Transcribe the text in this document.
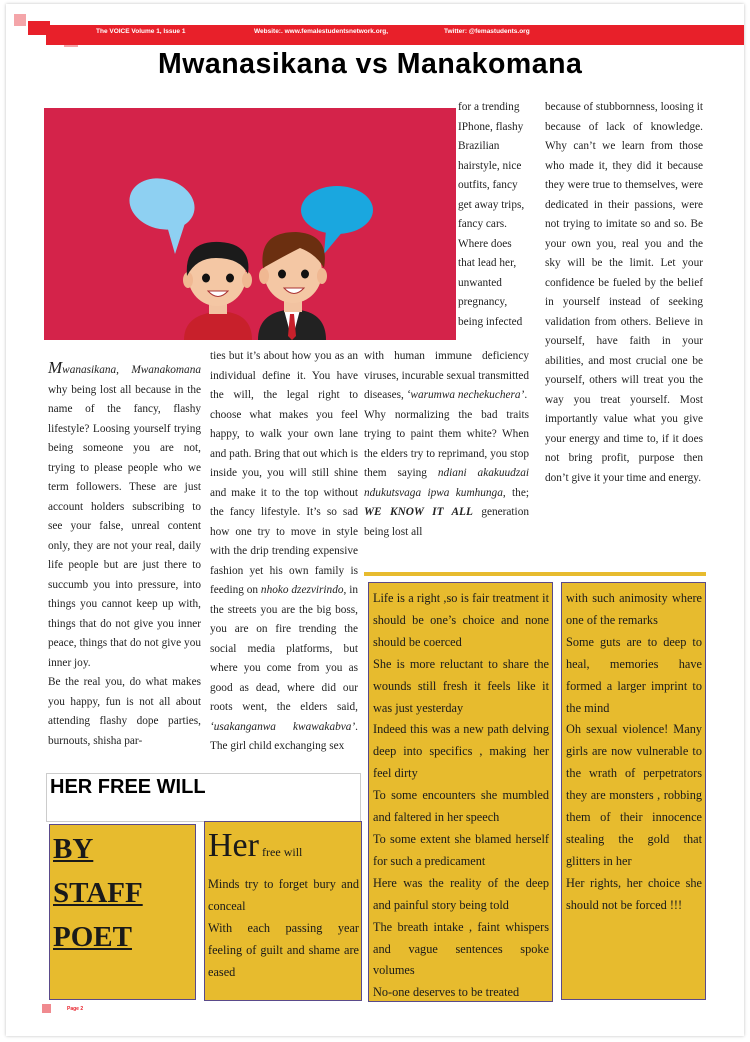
The VOICE Volume 1, Issue 1	Website:. www.femalestudentsnetwork.org,	Twitter: @femastudents.org
Mwanasikana vs Manakomana

for a trending IPhone, flashy Brazilian hairstyle, nice outfits, fancy get away trips, fancy cars. Where does that lead her, unwanted pregnancy, being infected

because of stubbornness, loosing it because of lack of knowledge. Why can’t we learn from those who made it, they did it because they were true to themselves, were dedicated in their passions, were not trying to imitate so and so. Be your own you, real you and the sky will be the limit. Let your confidence be fueled by the belief in yourself instead of seeking validation from others. Believe in yourself, have faith in your abilities, and most crucial one be yourself, others will treat you the way you treat yourself. Most importantly value what you give your energy and time to, if it does not bring profit, purpose then don’t give it your time and energy.

Mwanasikana, Mwanakomana why being lost all because in the name of the fancy, flashy lifestyle? Loosing yourself trying being someone you are not, trying to please people who we term followers. These are just account holders subscribing to see your false, unreal content only, they are not your real, daily life people but are just there to succumb you into pressure, into things you cannot keep up with, things that do not give you inner peace, things that do not give you inner joy.

Be the real you, do what makes you happy, fun is not all about attending flashy dope parties, burnouts, shisha par-

ties but it’s about how you as an individual define it. You have the will, the legal right to choose what makes you feel happy, to walk your own lane and path. Bring that out which is inside you, you will still shine and make it to the top without the fancy lifestyle. It’s so sad how one try to move in style with the drip trending expensive fashion yet his own family is feeding on nhoko dzezvirindo, in the streets you are the big boss, you are on fire trending the social media platforms, but where you come from you as good as dead, where did our roots went, the elders said, ‘usakanganwa kwawakabva’. The girl child exchanging sex

with human immune deficiency viruses, incurable sexual transmitted diseases, ‘warumwa nechekuchera’.

Why normalizing the bad traits trying to paint them white? When the elders try to reprimand, you stop them saying ndiani akakuudzai ndukutsvaga ipwa kumhunga, the; WE KNOW IT ALL generation being lost all

HER FREE WILL
BY
STAFF
POET
Her free will

Minds try to forget bury and conceal

With each passing year feeling of guilt and shame are eased

Life is a right ,so is fair treatment it should be one’s choice and none should be coerced

She is more reluctant to share the wounds still fresh it feels like it was just yesterday

Indeed this was a new path delving deep into specifics , making her feel dirty

To some encounters she mumbled and faltered in her speech

To some extent she blamed herself for such a predicament

Here was the reality of the deep and painful story being told

The breath intake , faint whispers and vague sentences spoke volumes

No-one deserves to be treated

with such animosity where one of the remarks

Some guts are to deep to heal, memories have formed a larger imprint to the mind

Oh sexual violence! Many girls are now vulnerable to the wrath of perpetrators they are monsters , robbing them of their innocence stealing the gold that glitters in her

Her rights, her choice she should not be forced !!!

Page 2
